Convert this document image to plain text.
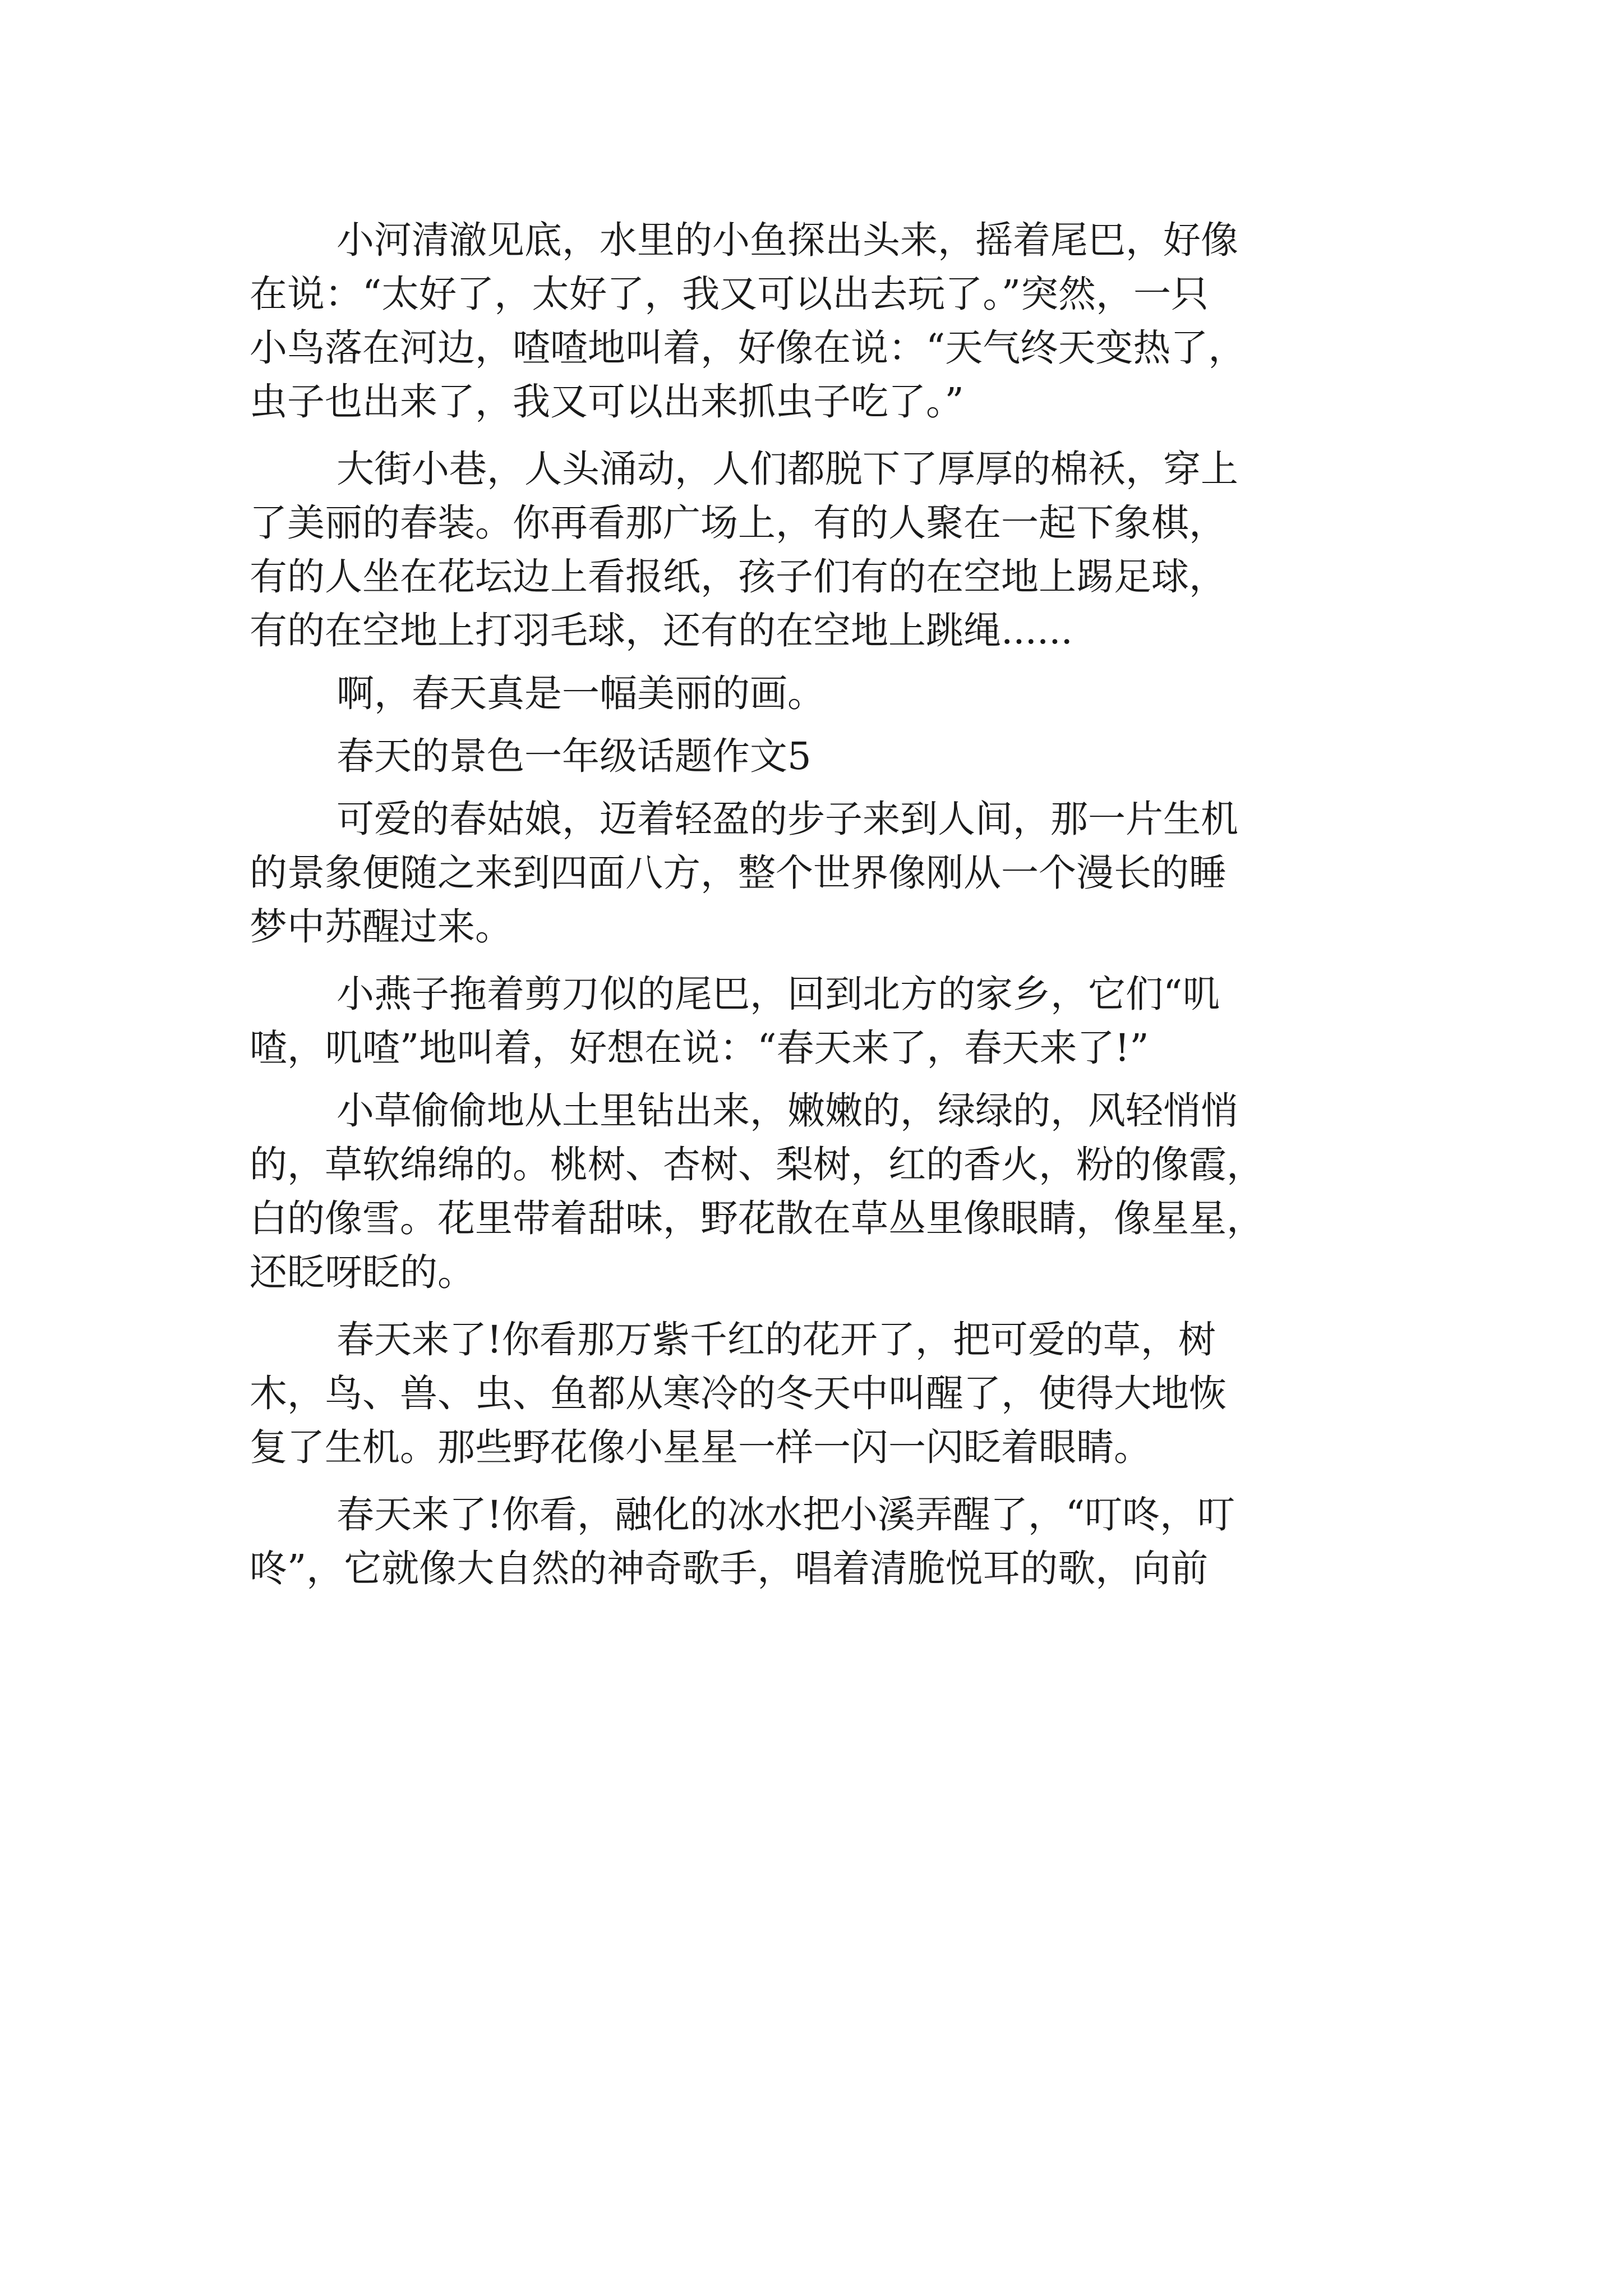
小河清澈见底，水里的小鱼探出头来，摇着尾巴，好像
在说：“太好了，太好了，我又可以出去玩了。”突然，一只
小鸟落在河边，喳喳地叫着，好像在说：“天气终天变热了，
虫子也出来了，我又可以出来抓虫子吃了。”
大街小巷，人头涌动，人们都脱下了厚厚的棉袄，穿上
了美丽的春装。你再看那广场上，有的人聚在一起下象棋，
有的人坐在花坛边上看报纸，孩子们有的在空地上踢足球，
有的在空地上打羽毛球，还有的在空地上跳绳......
啊，春天真是一幅美丽的画。
春天的景色一年级话题作文5
可爱的春姑娘，迈着轻盈的步子来到人间，那一片生机
的景象便随之来到四面八方，整个世界像刚从一个漫长的睡
梦中苏醒过来。
小燕子拖着剪刀似的尾巴，回到北方的家乡，它们“叽
喳，叽喳”地叫着，好想在说：“春天来了，春天来了!”
小草偷偷地从土里钻出来，嫩嫩的，绿绿的，风轻悄悄
的，草软绵绵的。桃树、杏树、梨树，红的香火，粉的像霞，
白的像雪。花里带着甜味，野花散在草丛里像眼睛，像星星，
还眨呀眨的。
春天来了!你看那万紫千红的花开了，把可爱的草，树
木，鸟、兽、虫、鱼都从寒冷的冬天中叫醒了，使得大地恢
复了生机。那些野花像小星星一样一闪一闪眨着眼睛。
春天来了!你看，融化的冰水把小溪弄醒了，“叮咚，叮
咚”，它就像大自然的神奇歌手，唱着清脆悦耳的歌，向前
